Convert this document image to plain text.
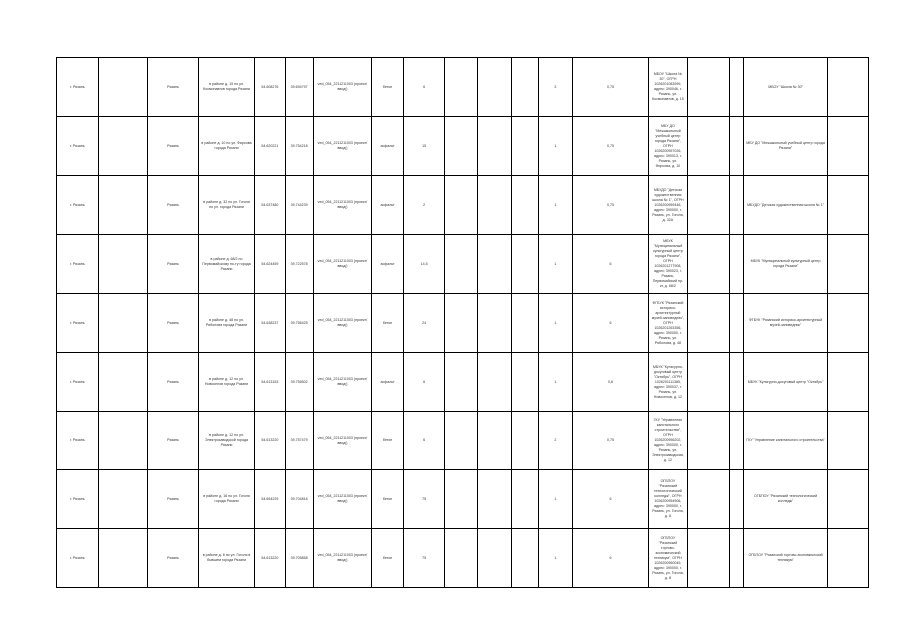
г. Рязань		Рязань	в районе д. 15 по ул. Космонавтов города Рязани	54.608276	39.694797	ved_054_2211211003 (проект/ввод/)	бетон	6				3	0,75	МБОУ "Школа № 30", ОГРН 1026201083999, адрес: 390046, г. Рязань, ул. Космонавтов, д. 15			МБОУ "Школа № 30"	
г. Рязань		Рязань	в районе д. 10 по ул. Фирсова города Рязани	54.620221	39.754218	ved_054_2211211003 (проект/ввод/)	асфальт	15				1	0,75	МБУ ДО "Межшкольный учебный центр города Рязани", ОГРН 1026200957026, адрес: 390013, г. Рязань, ул. Фирсова, д. 10			МБУ ДО "Межшкольный учебный центр города Рязани"	
г. Рязань		Рязань	в районе д. 32 по ул. Гоголя по ул. города Рязани	54.637480	39.744239	ved_054_2211211003 (проект/ввод/)	асфальт	2				1	0,75	МБУДО "Детская художественная школа № 1", ОГРН 1026200959446, адрес: 390000, г. Рязань, ул. Гоголя, д. 32А			МБУДО "Детская художественная школа № 1"	
г. Рязань		Рязань	в районе д. 68/2 по Первомайскому по-ту города Рязани	54.624459	39.722578	ved_054_2211211003 (проект/ввод/)	асфальт	14,5				1	6	МБУК "Муниципальный культурный центр города Рязани", ОГРН 1026201277908, адрес: 390023, г. Рязань, Первомайский пр-кт, д. 68/2			МБУК "Муниципальный культурный центр города Рязани"	
г. Рязань		Рязань	в районе д. 48 по ул. Ряболова города Рязани	54.638237	39.756425	ved_054_2211211003 (проект/ввод/)	бетон	24				1	6	ФГБУК "Рязанский историко-архитектурный музей-заповедник", ОГРН 1026201263356, адрес: 390000, г. Рязань, ул. Ряболова, д. 48			ФГБУК "Рязанский историко-архитектурный музей-заповедник"	
г. Рязань		Рязань	в районе д. 12 по ул. Новоселов города Рязани	54.613153	39.755502	ved_054_2211211003 (проект/ввод/)	асфальт	6				1	0,6	МБУК "Культурно-досуговый центр "Октябрь", ОГРН 1026201111385, адрес: 390037, г. Рязань, ул. Новоселов, д. 12			МБУК "Культурно-досуговый центр "Октябрь"	
г. Рязань		Рязань	в районе д. 12 по ул. Электрозаводской города Рязани	54.613220	39.757479	ved_054_2211211003 (проект/ввод/)	бетон	6				2	0,75	ГКУ "Управление капитального строительства", ОГРН 1026200956202, адрес: 390000, г. Рязань, ул. Электрозаводская, д. 12			ГКУ "Управление капитального строительства"	
г. Рязань		Рязань	в районе д. 16 по ул. Гоголя города Рязани	54.654229	39.704818	ved_054_2211211003 (проект/ввод/)	бетон	75				1	6	ОГБПОУ "Рязанский технологический колледж", ОГРН 1026200954906, адрес: 390000, г. Рязань, ул. Гоголя, д. 8			ОГБПОУ "Рязанский технологический колледж"	
г. Рязань		Рязань	в районе д. 8 по ул. Гоголя в бывшем города Рязани	54.613220	39.705858	ved_054_2211211003 (проект/ввод/)	бетон	75				1	6	ОГБПОУ "Рязанский торгово-экономический техникум", ОГРН 1026200960049, адрес: 390000, г. Рязань, ул. Гоголя, д. 8			ОГБПОУ "Рязанский торгово-экономический техникум"	
